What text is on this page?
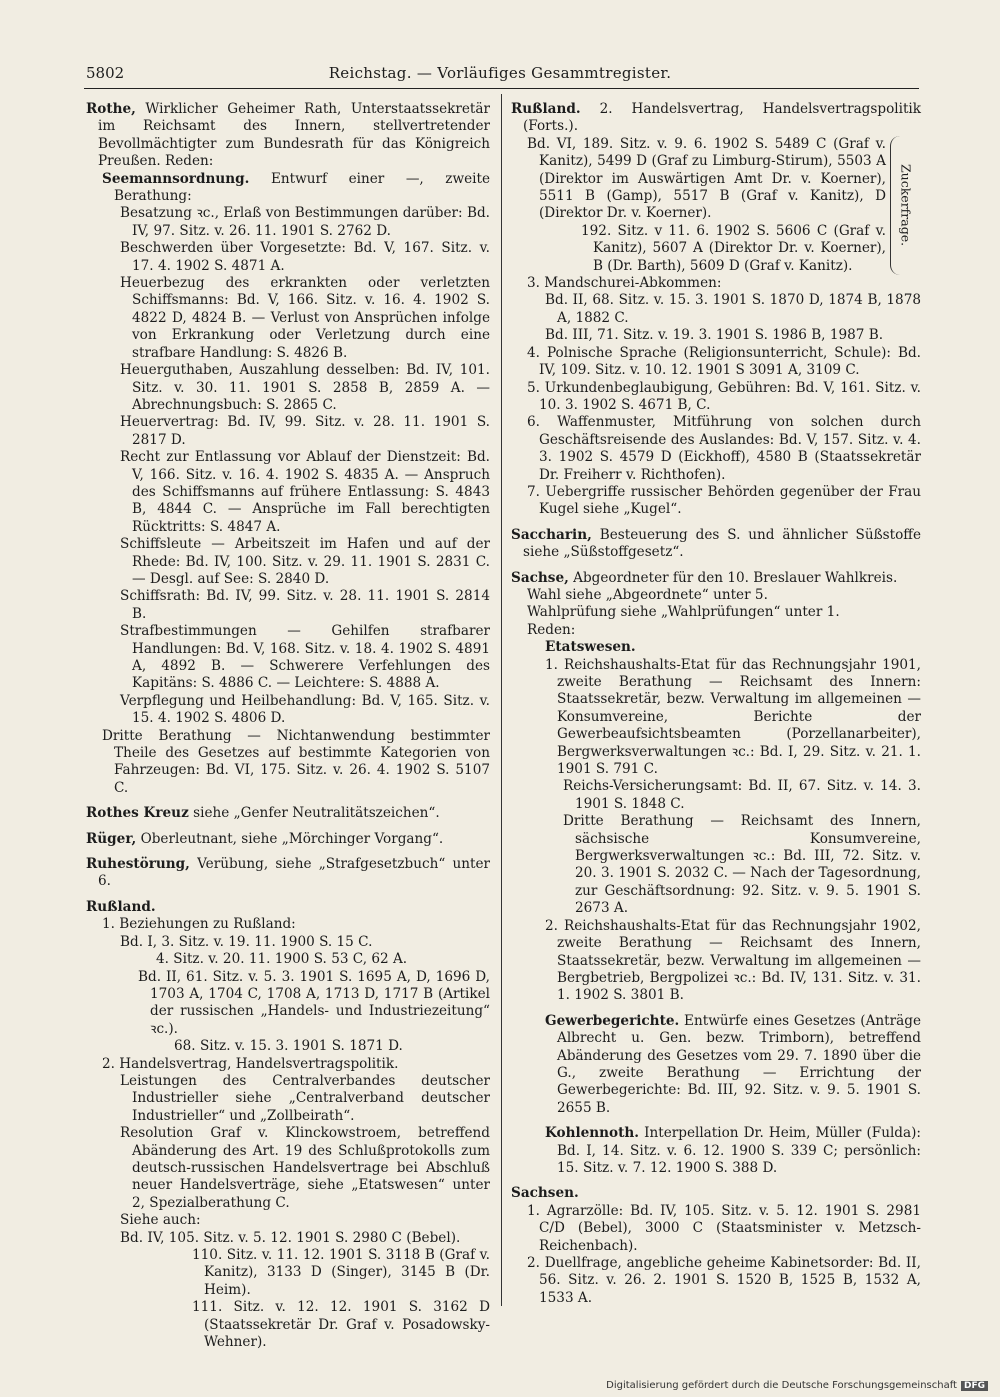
5802	Reichstag. — Vorläufiges Gesammtregister.

Rothe, Wirklicher Geheimer Rath, Unterstaatssekretär im Reichsamt des Innern, stellvertretender Bevollmächtigter zum Bundesrath für das Königreich Preußen. Reden:

Seemannsordnung. Entwurf einer —, zweite Berathung:

Besatzung ꝛc., Erlaß von Bestimmungen darüber: Bd. IV, 97. Sitz. v. 26. 11. 1901 S. 2762 D.

Beschwerden über Vorgesetzte: Bd. V, 167. Sitz. v. 17. 4. 1902 S. 4871 A.

Heuerbezug des erkrankten oder verletzten Schiffsmanns: Bd. V, 166. Sitz. v. 16. 4. 1902 S. 4822 D, 4824 B. — Verlust von Ansprüchen infolge von Erkrankung oder Verletzung durch eine strafbare Handlung: S. 4826 B.

Heuerguthaben, Auszahlung desselben: Bd. IV, 101. Sitz. v. 30. 11. 1901 S. 2858 B, 2859 A. — Abrechnungsbuch: S. 2865 C.

Heuervertrag: Bd. IV, 99. Sitz. v. 28. 11. 1901 S. 2817 D.

Recht zur Entlassung vor Ablauf der Dienstzeit: Bd. V, 166. Sitz. v. 16. 4. 1902 S. 4835 A. — Anspruch des Schiffsmanns auf frühere Entlassung: S. 4843 B, 4844 C. — Ansprüche im Fall berechtigten Rücktritts: S. 4847 A.

Schiffsleute — Arbeitszeit im Hafen und auf der Rhede: Bd. IV, 100. Sitz. v. 29. 11. 1901 S. 2831 C. — Desgl. auf See: S. 2840 D.

Schiffsrath: Bd. IV, 99. Sitz. v. 28. 11. 1901 S. 2814 B.

Strafbestimmungen — Gehilfen strafbarer Handlungen: Bd. V, 168. Sitz. v. 18. 4. 1902 S. 4891 A, 4892 B. — Schwerere Verfehlungen des Kapitäns: S. 4886 C. — Leichtere: S. 4888 A.

Verpflegung und Heilbehandlung: Bd. V, 165. Sitz. v. 15. 4. 1902 S. 4806 D.

Dritte Berathung — Nichtanwendung bestimmter Theile des Gesetzes auf bestimmte Kategorien von Fahrzeugen: Bd. VI, 175. Sitz. v. 26. 4. 1902 S. 5107 C.

Rothes Kreuz siehe „Genfer Neutralitätszeichen“.

Rüger, Oberleutnant, siehe „Mörchinger Vorgang“.

Ruhestörung, Verübung, siehe „Strafgesetzbuch“ unter 6.

Rußland.

1. Beziehungen zu Rußland:

Bd. I, 3. Sitz. v. 19. 11. 1900 S. 15 C.

4. Sitz. v. 20. 11. 1900 S. 53 C, 62 A.

Bd. II, 61. Sitz. v. 5. 3. 1901 S. 1695 A, D, 1696 D, 1703 A, 1704 C, 1708 A, 1713 D, 1717 B (Artikel der russischen „Handels- und Industriezeitung“ ꝛc.).

68. Sitz. v. 15. 3. 1901 S. 1871 D.

2. Handelsvertrag, Handelsvertragspolitik.

Leistungen des Centralverbandes deutscher Industrieller siehe „Centralverband deutscher Industrieller“ und „Zollbeirath“.

Resolution Graf v. Klinckowstroem, betreffend Abänderung des Art. 19 des Schlußprotokolls zum deutsch-russischen Handelsvertrage bei Abschluß neuer Handelsverträge, siehe „Etatswesen“ unter 2, Spezialberathung C.

Siehe auch:

Bd. IV, 105. Sitz. v. 5. 12. 1901 S. 2980 C (Bebel).

110. Sitz. v. 11. 12. 1901 S. 3118 B (Graf v. Kanitz), 3133 D (Singer), 3145 B (Dr. Heim).

111. Sitz. v. 12. 12. 1901 S. 3162 D (Staatssekretär Dr. Graf v. Posadowsky-Wehner).

Rußland. 2. Handelsvertrag, Handelsvertragspolitik (Forts.).

Bd. VI, 189. Sitz. v. 9. 6. 1902 S. 5489 C (Graf v. Kanitz), 5499 D (Graf zu Limburg-Stirum), 5503 A (Direktor im Auswärtigen Amt Dr. v. Koerner), 5511 B (Gamp), 5517 B (Graf v. Kanitz), D (Direktor Dr. v. Koerner).

192. Sitz. v 11. 6. 1902 S. 5606 C (Graf v. Kanitz), 5607 A (Direktor Dr. v. Koerner), B (Dr. Barth), 5609 D (Graf v. Kanitz).

Zuckerfrage.

3. Mandschurei-Abkommen:

Bd. II, 68. Sitz. v. 15. 3. 1901 S. 1870 D, 1874 B, 1878 A, 1882 C.

Bd. III, 71. Sitz. v. 19. 3. 1901 S. 1986 B, 1987 B.

4. Polnische Sprache (Religionsunterricht, Schule): Bd. IV, 109. Sitz. v. 10. 12. 1901 S 3091 A, 3109 C.

5. Urkundenbeglaubigung, Gebühren: Bd. V, 161. Sitz. v. 10. 3. 1902 S. 4671 B, C.

6. Waffenmuster, Mitführung von solchen durch Geschäftsreisende des Auslandes: Bd. V, 157. Sitz. v. 4. 3. 1902 S. 4579 D (Eickhoff), 4580 B (Staatssekretär Dr. Freiherr v. Richthofen).

7. Uebergriffe russischer Behörden gegenüber der Frau Kugel siehe „Kugel“.

Saccharin, Besteuerung des S. und ähnlicher Süßstoffe siehe „Süßstoffgesetz“.

Sachse, Abgeordneter für den 10. Breslauer Wahlkreis.

Wahl siehe „Abgeordnete“ unter 5.

Wahlprüfung siehe „Wahlprüfungen“ unter 1.

Reden:

Etatswesen.

1. Reichshaushalts-Etat für das Rechnungsjahr 1901, zweite Berathung — Reichsamt des Innern: Staatssekretär, bezw. Verwaltung im allgemeinen — Konsumvereine, Berichte der Gewerbeaufsichtsbeamten (Porzellanarbeiter), Bergwerksverwaltungen ꝛc.: Bd. I, 29. Sitz. v. 21. 1. 1901 S. 791 C.

Reichs-Versicherungsamt: Bd. II, 67. Sitz. v. 14. 3. 1901 S. 1848 C.

Dritte Berathung — Reichsamt des Innern, sächsische Konsumvereine, Bergwerksverwaltungen ꝛc.: Bd. III, 72. Sitz. v. 20. 3. 1901 S. 2032 C. — Nach der Tagesordnung, zur Geschäftsordnung: 92. Sitz. v. 9. 5. 1901 S. 2673 A.

2. Reichshaushalts-Etat für das Rechnungsjahr 1902, zweite Berathung — Reichsamt des Innern, Staatssekretär, bezw. Verwaltung im allgemeinen — Bergbetrieb, Bergpolizei ꝛc.: Bd. IV, 131. Sitz. v. 31. 1. 1902 S. 3801 B.

Gewerbegerichte. Entwürfe eines Gesetzes (Anträge Albrecht u. Gen. bezw. Trimborn), betreffend Abänderung des Gesetzes vom 29. 7. 1890 über die G., zweite Berathung — Errichtung der Gewerbegerichte: Bd. III, 92. Sitz. v. 9. 5. 1901 S. 2655 B.

Kohlennoth. Interpellation Dr. Heim, Müller (Fulda): Bd. I, 14. Sitz. v. 6. 12. 1900 S. 339 C; persönlich: 15. Sitz. v. 7. 12. 1900 S. 388 D.

Sachsen.

1. Agrarzölle: Bd. IV, 105. Sitz. v. 5. 12. 1901 S. 2981 C/D (Bebel), 3000 C (Staatsminister v. Metzsch-Reichenbach).

2. Duellfrage, angebliche geheime Kabinetsorder: Bd. II, 56. Sitz. v. 26. 2. 1901 S. 1520 B, 1525 B, 1532 A, 1533 A.

Digitalisierung gefördert durch die Deutsche Forschungsgemeinschaft DFG
